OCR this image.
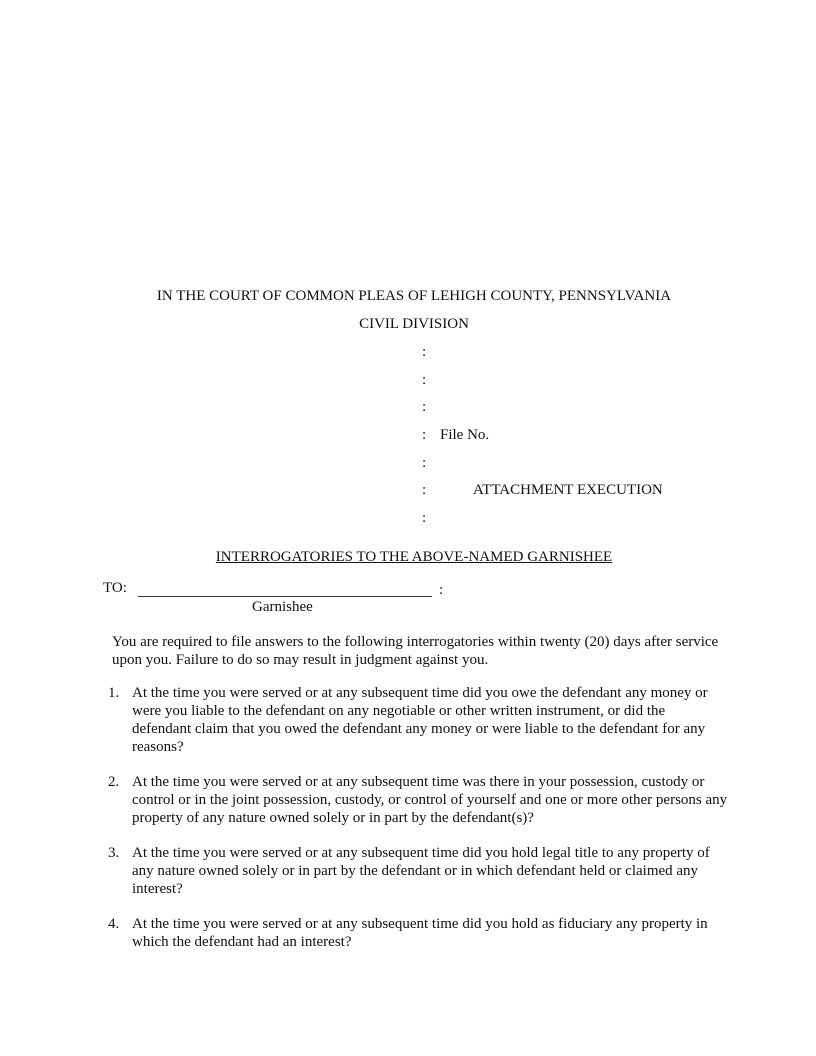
IN THE COURT OF COMMON PLEAS OF LEHIGH COUNTY, PENNSYLVANIA
CIVIL DIVISION
:
:
:
:
:
:
:
File No.
ATTACHMENT EXECUTION
INTERROGATORIES TO THE ABOVE-NAMED GARNISHEE
TO:	:
Garnishee
You are required to file answers to the following interrogatories within twenty (20) days after service upon you. Failure to do so may result in judgment against you.
1. At the time you were served or at any subsequent time did you owe the defendant any money or were you liable to the defendant on any negotiable or other written instrument, or did the defendant claim that you owed the defendant any money or were liable to the defendant for any reasons?

2. At the time you were served or at any subsequent time was there in your possession, custody or control or in the joint possession, custody, or control of yourself and one or more other persons any property of any nature owned solely or in part by the defendant(s)?

3. At the time you were served or at any subsequent time did you hold legal title to any property of any nature owned solely or in part by the defendant or in which defendant held or claimed any interest?

4. At the time you were served or at any subsequent time did you hold as fiduciary any property in which the defendant had an interest?
